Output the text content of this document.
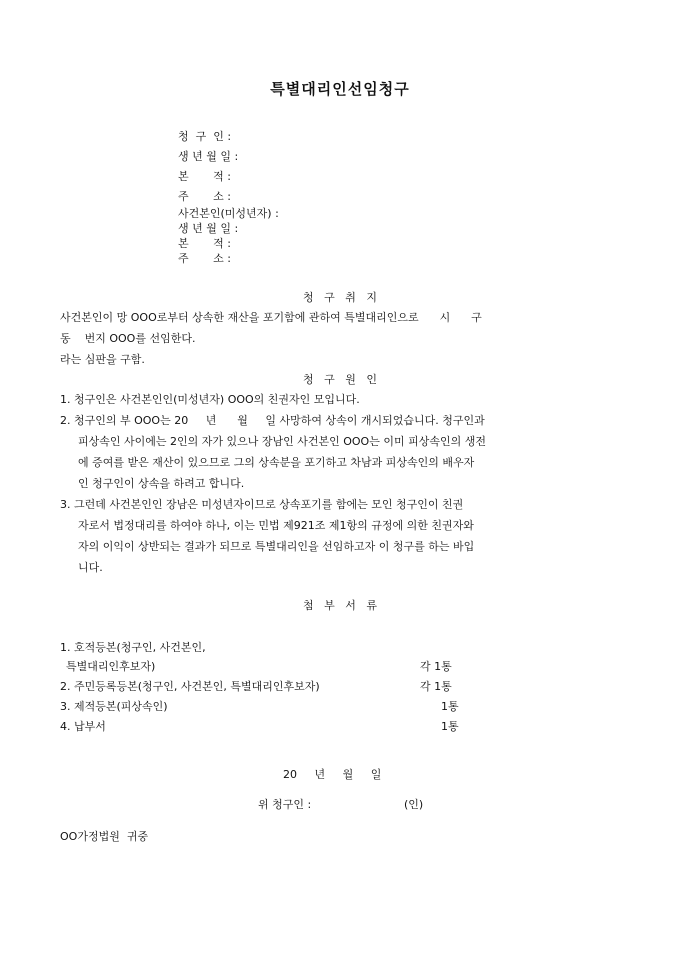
특별대리인선임청구
청  구  인 :
생 년 월 일 :
본       적 :
주       소 :
사건본인(미성년자) :
생 년 월 일 :
본       적 :
주       소 :
청   구   취   지
사건본인이 망 OOO로부터 상속한 재산을 포기함에 관하여 특별대리인으로      시      구
동    번지 OOO를 선임한다.
라는 심판을 구함.
청   구   원   인
1. 청구인은 사건본인인(미성년자) OOO의 친권자인 모입니다.
2. 청구인의 부 OOO는 20     년      월     일 사망하여 상속이 개시되었습니다. 청구인과
피상속인 사이에는 2인의 자가 있으나 장남인 사건본인 OOO는 이미 피상속인의 생전
에 증여를 받은 재산이 있으므로 그의 상속분을 포기하고 차남과 피상속인의 배우자
인 청구인이 상속을 하려고 합니다.
3. 그런데 사건본인인 장남은 미성년자이므로 상속포기를 함에는 모인 청구인이 친권
자로서 법정대리를 하여야 하나, 이는 민법 제921조 제1항의 규정에 의한 친권자와
자의 이익이 상반되는 결과가 되므로 특별대리인을 선임하고자 이 청구를 하는 바입
니다.
첨   부   서   류
1. 호적등본(청구인, 사건본인,
특별대리인후보자)	각 1통
2. 주민등록등본(청구인, 사건본인, 특별대리인후보자)	각 1통
3. 제적등본(피상속인)	1통
4. 납부서	1통
20     년     월     일
위 청구인 :	(인)
OO가정법원  귀중
